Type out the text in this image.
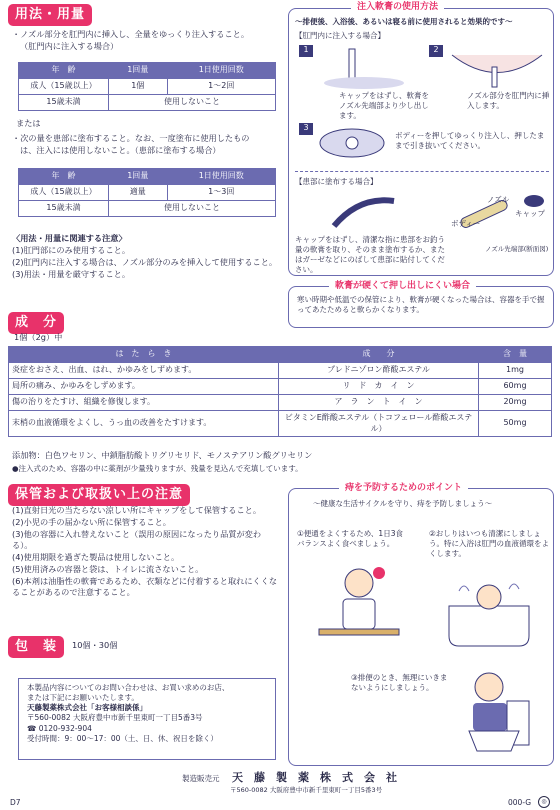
用法・用量
・ノズル部分を肛門内に挿入し、全量をゆっくり注入すること。
（肛門内に注入する場合）
年　齢	1回量	1日使用回数
成人（15歳以上）	1個	1〜2回
15歳未満	使用しないこと	
または
・次の量を患部に塗布すること。なお、一度塗布に使用したもの
は、注入には使用しないこと。（患部に塗布する場合）
年　齢	1回量	1日使用回数
成人（15歳以上）	適量	1〜3回
15歳未満	使用しないこと	
〈用法・用量に関連する注意〉
(1)肛門部にのみ使用すること。
(2)肛門内に注入する場合は、ノズル部分のみを挿入して使用すること。
(3)用法・用量を厳守すること。
注入軟膏の使用方法
〜排便後、入浴後、あるいは寝る前に使用されると効果的です〜
【肛門内に注入する場合】
1	2
キャップをはずし、軟膏をノズル先端部より少し出します。
ノズル部分を肛門内に挿入します。
3
ボディーを押してゆっくり注入し、押したままで引き抜いてください。
【患部に塗布する場合】
ノズル
キャップ
ボディー
ノズル先端部(断面図)
キャップをはずし、清潔な指に患部をお釣う量の軟膏を取り、そのまま塗布するか、またはガーゼなどにのばして患部に貼付してください。
軟膏が硬くて押し出しにくい場合
寒い時期や低温での保管により、軟膏が硬くなった場合は、容器を手で握ってあたためると軟らかくなります。
成　分
1個（2g）中
は　た　ら　き	成　　分	含　量
炎症をおさえ、出血、はれ、かゆみをしずめます。	プレドニゾロン酢酸エステル	1mg
局所の痛み、かゆみをしずめます。	リ　ド　カ　イ　ン	60mg
傷の治りをたすけ、組織を修復します。	ア　ラ　ン　ト　イ　ン	20mg
末梢の血液循環をよくし、うっ血の改善をたすけます。	ビタミンE酢酸エステル（トコフェロール酢酸エステル）	50mg
添加物：白色ワセリン、中鎖脂肪酸トリグリセリド、モノステアリン酸グリセリン
●注入式のため、容器の中に薬剤が少量残りますが、残量を見込んで充填しています。
保管および取扱い上の注意
(1)直射日光の当たらない涼しい所にキャップをして保管すること。
(2)小児の手の届かない所に保管すること。
(3)他の容器に入れ替えないこと（誤用の原因になったり品質が変わる）。
(4)使用期限を過ぎた製品は使用しないこと。
(5)使用済みの容器と袋は、トイレに流さないこと。
(6)本剤は油脂性の軟膏であるため、衣類などに付着すると取れにくくなることがあるので注意すること。
包　装	10個・30個
本製品内容についてのお問い合わせは、お買い求めのお店、
または下記にお願いいたします。
天藤製薬株式会社「お客様相談係」
〒560-0082 大阪府豊中市新千里東町一丁目5番3号
☎ 0120-932-904
受付時間：9：00〜17：00（土、日、休、祝日を除く）
痔を予防するためのポイント
〜健康な生活サイクルを守り、痔を予防しましょう〜
①便通をよくするため、1日3食バランスよく食べましょう。
②おしりはいつも清潔にしましょう。特に入浴は肛門の血液循環をよくします。
③排便のとき、無理にいきまないようにしましょう。
製造販売元 天　藤　製　薬　株　式　会　社
〒560-0082 大阪府豊中市新千里東町一丁目5番3号
D7	000-G	◎
